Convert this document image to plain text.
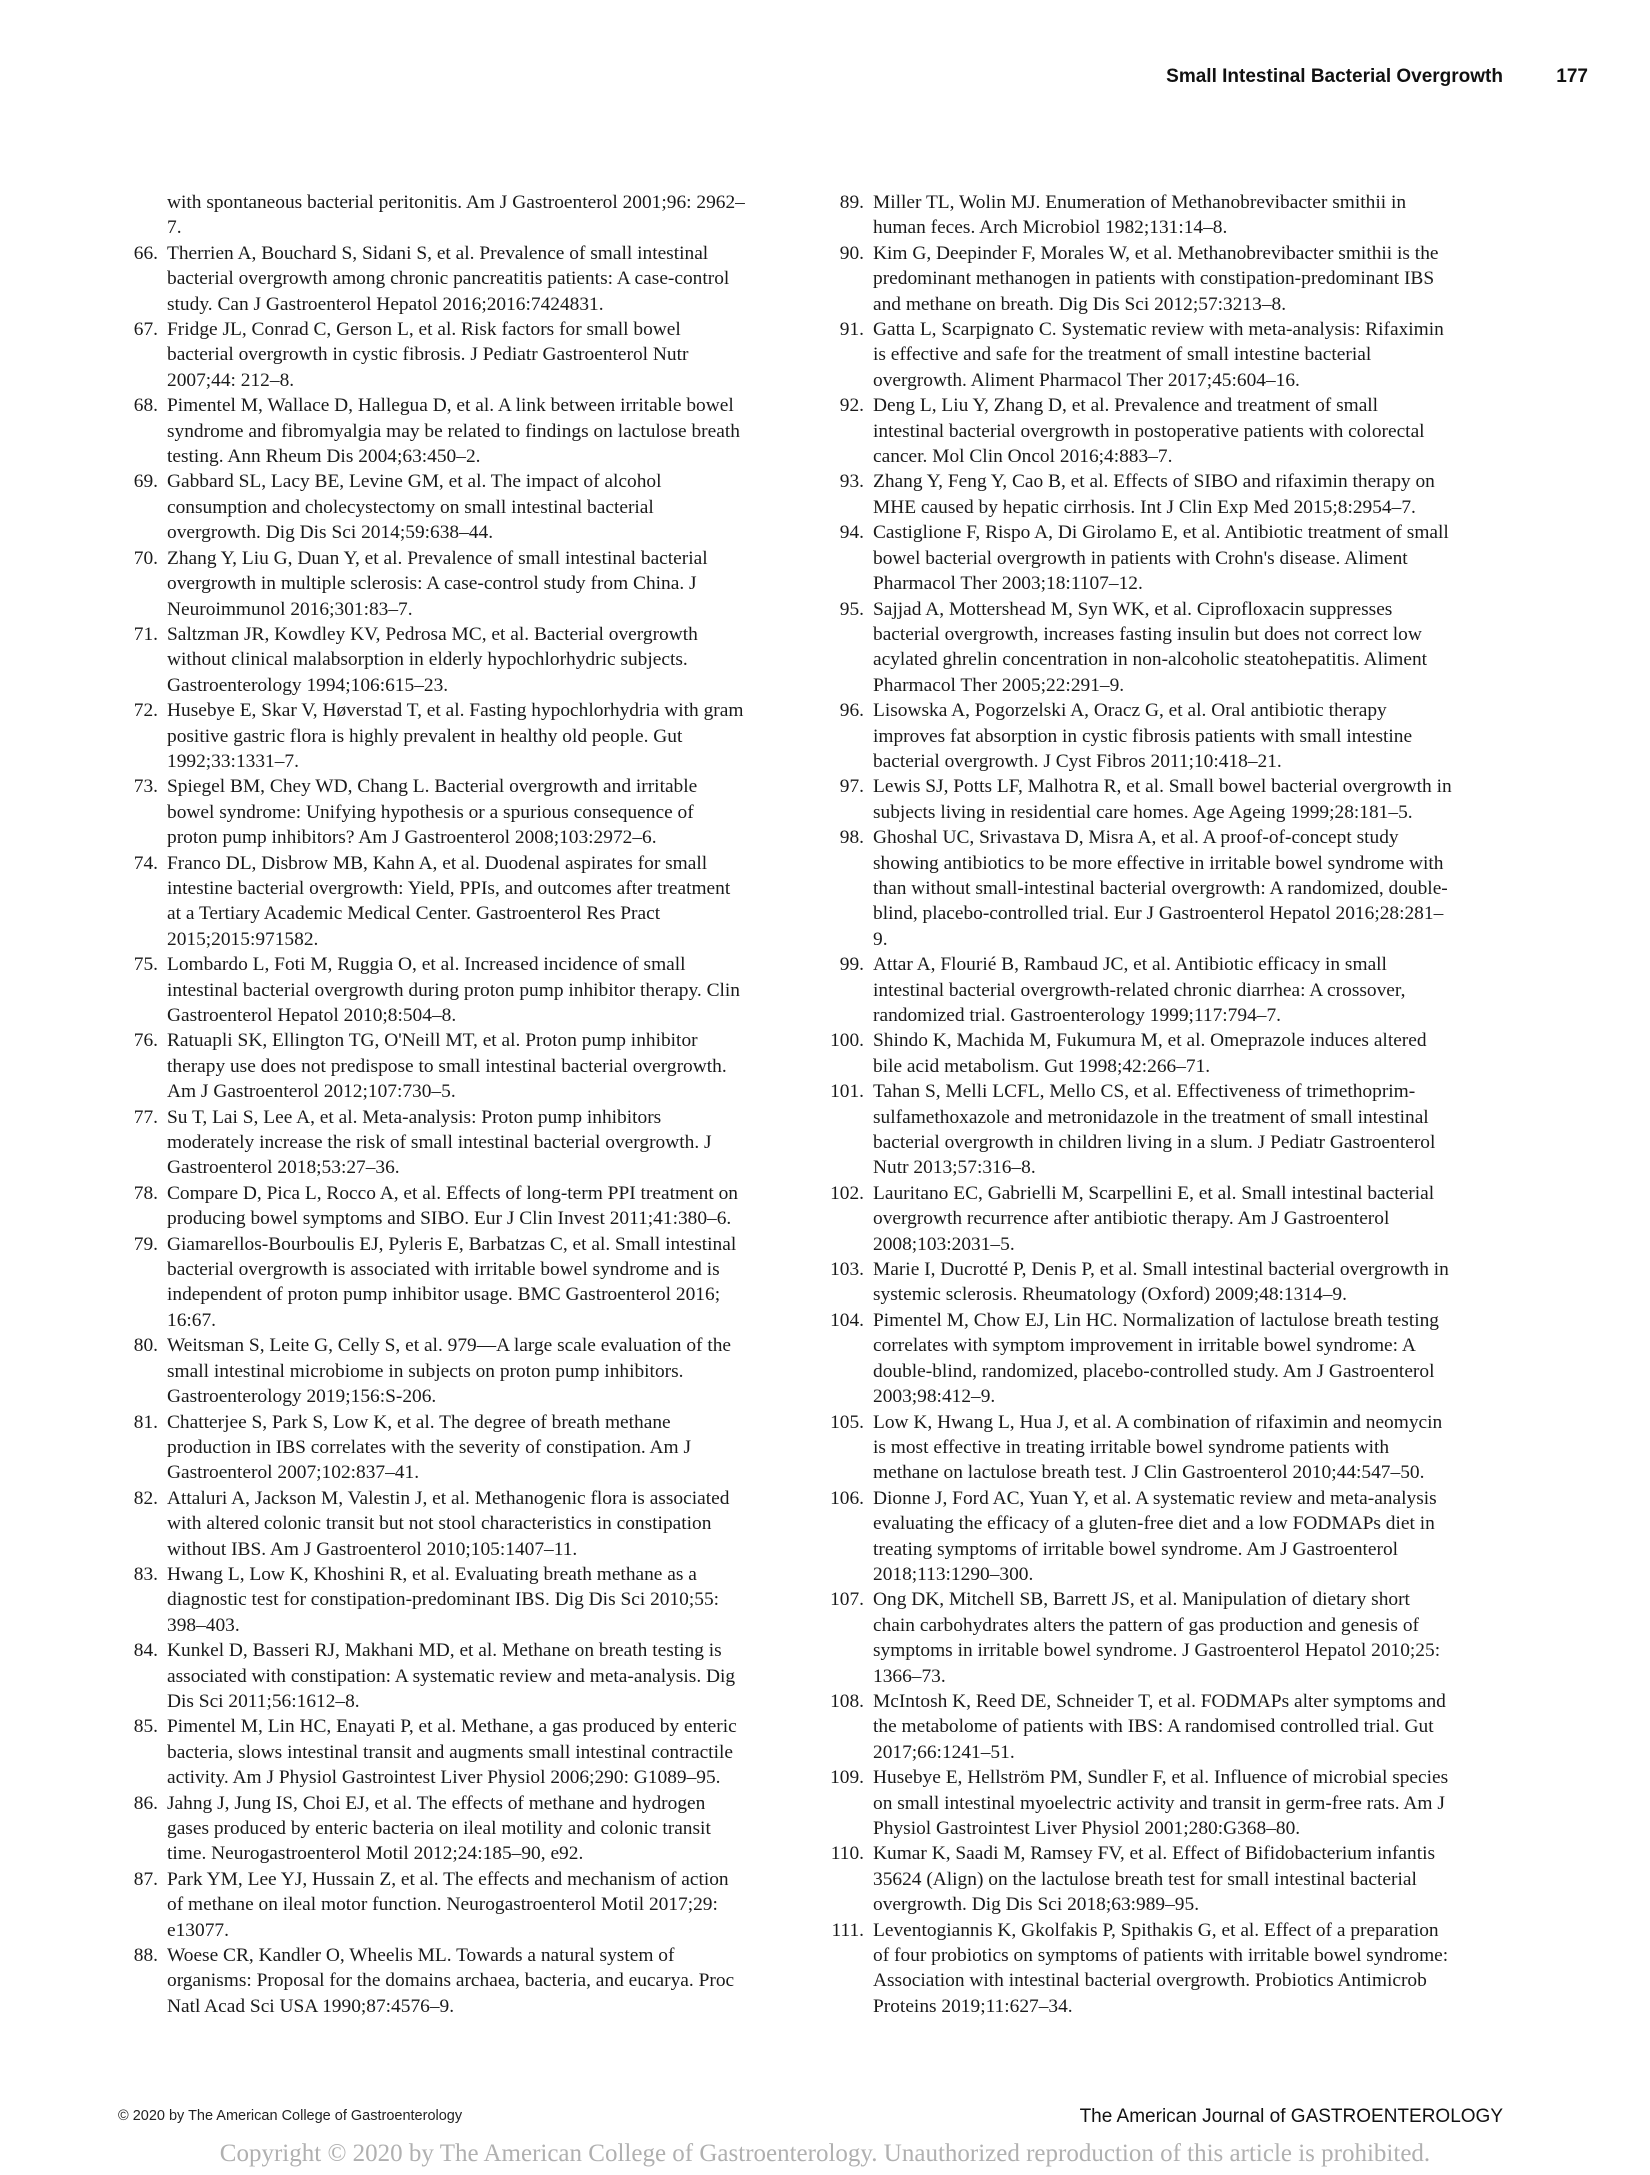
Small Intestinal Bacterial Overgrowth	177

with spontaneous bacterial peritonitis. Am J Gastroenterol 2001;96: 2962–7.

66. Therrien A, Bouchard S, Sidani S, et al. Prevalence of small intestinal bacterial overgrowth among chronic pancreatitis patients: A case-control study. Can J Gastroenterol Hepatol 2016;2016:7424831.

67. Fridge JL, Conrad C, Gerson L, et al. Risk factors for small bowel bacterial overgrowth in cystic fibrosis. J Pediatr Gastroenterol Nutr 2007;44: 212–8.

68. Pimentel M, Wallace D, Hallegua D, et al. A link between irritable bowel syndrome and fibromyalgia may be related to findings on lactulose breath testing. Ann Rheum Dis 2004;63:450–2.

69. Gabbard SL, Lacy BE, Levine GM, et al. The impact of alcohol consumption and cholecystectomy on small intestinal bacterial overgrowth. Dig Dis Sci 2014;59:638–44.

70. Zhang Y, Liu G, Duan Y, et al. Prevalence of small intestinal bacterial overgrowth in multiple sclerosis: A case-control study from China. J Neuroimmunol 2016;301:83–7.

71. Saltzman JR, Kowdley KV, Pedrosa MC, et al. Bacterial overgrowth without clinical malabsorption in elderly hypochlorhydric subjects. Gastroenterology 1994;106:615–23.

72. Husebye E, Skar V, Høverstad T, et al. Fasting hypochlorhydria with gram positive gastric flora is highly prevalent in healthy old people. Gut 1992;33:1331–7.

73. Spiegel BM, Chey WD, Chang L. Bacterial overgrowth and irritable bowel syndrome: Unifying hypothesis or a spurious consequence of proton pump inhibitors? Am J Gastroenterol 2008;103:2972–6.

74. Franco DL, Disbrow MB, Kahn A, et al. Duodenal aspirates for small intestine bacterial overgrowth: Yield, PPIs, and outcomes after treatment at a Tertiary Academic Medical Center. Gastroenterol Res Pract 2015;2015:971582.

75. Lombardo L, Foti M, Ruggia O, et al. Increased incidence of small intestinal bacterial overgrowth during proton pump inhibitor therapy. Clin Gastroenterol Hepatol 2010;8:504–8.

76. Ratuapli SK, Ellington TG, O'Neill MT, et al. Proton pump inhibitor therapy use does not predispose to small intestinal bacterial overgrowth. Am J Gastroenterol 2012;107:730–5.

77. Su T, Lai S, Lee A, et al. Meta-analysis: Proton pump inhibitors moderately increase the risk of small intestinal bacterial overgrowth. J Gastroenterol 2018;53:27–36.

78. Compare D, Pica L, Rocco A, et al. Effects of long-term PPI treatment on producing bowel symptoms and SIBO. Eur J Clin Invest 2011;41:380–6.

79. Giamarellos-Bourboulis EJ, Pyleris E, Barbatzas C, et al. Small intestinal bacterial overgrowth is associated with irritable bowel syndrome and is independent of proton pump inhibitor usage. BMC Gastroenterol 2016; 16:67.

80. Weitsman S, Leite G, Celly S, et al. 979—A large scale evaluation of the small intestinal microbiome in subjects on proton pump inhibitors. Gastroenterology 2019;156:S-206.

81. Chatterjee S, Park S, Low K, et al. The degree of breath methane production in IBS correlates with the severity of constipation. Am J Gastroenterol 2007;102:837–41.

82. Attaluri A, Jackson M, Valestin J, et al. Methanogenic flora is associated with altered colonic transit but not stool characteristics in constipation without IBS. Am J Gastroenterol 2010;105:1407–11.

83. Hwang L, Low K, Khoshini R, et al. Evaluating breath methane as a diagnostic test for constipation-predominant IBS. Dig Dis Sci 2010;55: 398–403.

84. Kunkel D, Basseri RJ, Makhani MD, et al. Methane on breath testing is associated with constipation: A systematic review and meta-analysis. Dig Dis Sci 2011;56:1612–8.

85. Pimentel M, Lin HC, Enayati P, et al. Methane, a gas produced by enteric bacteria, slows intestinal transit and augments small intestinal contractile activity. Am J Physiol Gastrointest Liver Physiol 2006;290: G1089–95.

86. Jahng J, Jung IS, Choi EJ, et al. The effects of methane and hydrogen gases produced by enteric bacteria on ileal motility and colonic transit time. Neurogastroenterol Motil 2012;24:185–90, e92.

87. Park YM, Lee YJ, Hussain Z, et al. The effects and mechanism of action of methane on ileal motor function. Neurogastroenterol Motil 2017;29: e13077.

88. Woese CR, Kandler O, Wheelis ML. Towards a natural system of organisms: Proposal for the domains archaea, bacteria, and eucarya. Proc Natl Acad Sci USA 1990;87:4576–9.

89. Miller TL, Wolin MJ. Enumeration of Methanobrevibacter smithii in human feces. Arch Microbiol 1982;131:14–8.

90. Kim G, Deepinder F, Morales W, et al. Methanobrevibacter smithii is the predominant methanogen in patients with constipation-predominant IBS and methane on breath. Dig Dis Sci 2012;57:3213–8.

91. Gatta L, Scarpignato C. Systematic review with meta-analysis: Rifaximin is effective and safe for the treatment of small intestine bacterial overgrowth. Aliment Pharmacol Ther 2017;45:604–16.

92. Deng L, Liu Y, Zhang D, et al. Prevalence and treatment of small intestinal bacterial overgrowth in postoperative patients with colorectal cancer. Mol Clin Oncol 2016;4:883–7.

93. Zhang Y, Feng Y, Cao B, et al. Effects of SIBO and rifaximin therapy on MHE caused by hepatic cirrhosis. Int J Clin Exp Med 2015;8:2954–7.

94. Castiglione F, Rispo A, Di Girolamo E, et al. Antibiotic treatment of small bowel bacterial overgrowth in patients with Crohn's disease. Aliment Pharmacol Ther 2003;18:1107–12.

95. Sajjad A, Mottershead M, Syn WK, et al. Ciprofloxacin suppresses bacterial overgrowth, increases fasting insulin but does not correct low acylated ghrelin concentration in non-alcoholic steatohepatitis. Aliment Pharmacol Ther 2005;22:291–9.

96. Lisowska A, Pogorzelski A, Oracz G, et al. Oral antibiotic therapy improves fat absorption in cystic fibrosis patients with small intestine bacterial overgrowth. J Cyst Fibros 2011;10:418–21.

97. Lewis SJ, Potts LF, Malhotra R, et al. Small bowel bacterial overgrowth in subjects living in residential care homes. Age Ageing 1999;28:181–5.

98. Ghoshal UC, Srivastava D, Misra A, et al. A proof-of-concept study showing antibiotics to be more effective in irritable bowel syndrome with than without small-intestinal bacterial overgrowth: A randomized, double-blind, placebo-controlled trial. Eur J Gastroenterol Hepatol 2016;28:281–9.

99. Attar A, Flourié B, Rambaud JC, et al. Antibiotic efficacy in small intestinal bacterial overgrowth-related chronic diarrhea: A crossover, randomized trial. Gastroenterology 1999;117:794–7.

100. Shindo K, Machida M, Fukumura M, et al. Omeprazole induces altered bile acid metabolism. Gut 1998;42:266–71.

101. Tahan S, Melli LCFL, Mello CS, et al. Effectiveness of trimethoprim-sulfamethoxazole and metronidazole in the treatment of small intestinal bacterial overgrowth in children living in a slum. J Pediatr Gastroenterol Nutr 2013;57:316–8.

102. Lauritano EC, Gabrielli M, Scarpellini E, et al. Small intestinal bacterial overgrowth recurrence after antibiotic therapy. Am J Gastroenterol 2008;103:2031–5.

103. Marie I, Ducrotté P, Denis P, et al. Small intestinal bacterial overgrowth in systemic sclerosis. Rheumatology (Oxford) 2009;48:1314–9.

104. Pimentel M, Chow EJ, Lin HC. Normalization of lactulose breath testing correlates with symptom improvement in irritable bowel syndrome: A double-blind, randomized, placebo-controlled study. Am J Gastroenterol 2003;98:412–9.

105. Low K, Hwang L, Hua J, et al. A combination of rifaximin and neomycin is most effective in treating irritable bowel syndrome patients with methane on lactulose breath test. J Clin Gastroenterol 2010;44:547–50.

106. Dionne J, Ford AC, Yuan Y, et al. A systematic review and meta-analysis evaluating the efficacy of a gluten-free diet and a low FODMAPs diet in treating symptoms of irritable bowel syndrome. Am J Gastroenterol 2018;113:1290–300.

107. Ong DK, Mitchell SB, Barrett JS, et al. Manipulation of dietary short chain carbohydrates alters the pattern of gas production and genesis of symptoms in irritable bowel syndrome. J Gastroenterol Hepatol 2010;25: 1366–73.

108. McIntosh K, Reed DE, Schneider T, et al. FODMAPs alter symptoms and the metabolome of patients with IBS: A randomised controlled trial. Gut 2017;66:1241–51.

109. Husebye E, Hellström PM, Sundler F, et al. Influence of microbial species on small intestinal myoelectric activity and transit in germ-free rats. Am J Physiol Gastrointest Liver Physiol 2001;280:G368–80.

110. Kumar K, Saadi M, Ramsey FV, et al. Effect of Bifidobacterium infantis 35624 (Align) on the lactulose breath test for small intestinal bacterial overgrowth. Dig Dis Sci 2018;63:989–95.

111. Leventogiannis K, Gkolfakis P, Spithakis G, et al. Effect of a preparation of four probiotics on symptoms of patients with irritable bowel syndrome: Association with intestinal bacterial overgrowth. Probiotics Antimicrob Proteins 2019;11:627–34.

© 2020 by The American College of Gastroenterology	The American Journal of GASTROENTEROLOGY
Copyright © 2020 by The American College of Gastroenterology. Unauthorized reproduction of this article is prohibited.
